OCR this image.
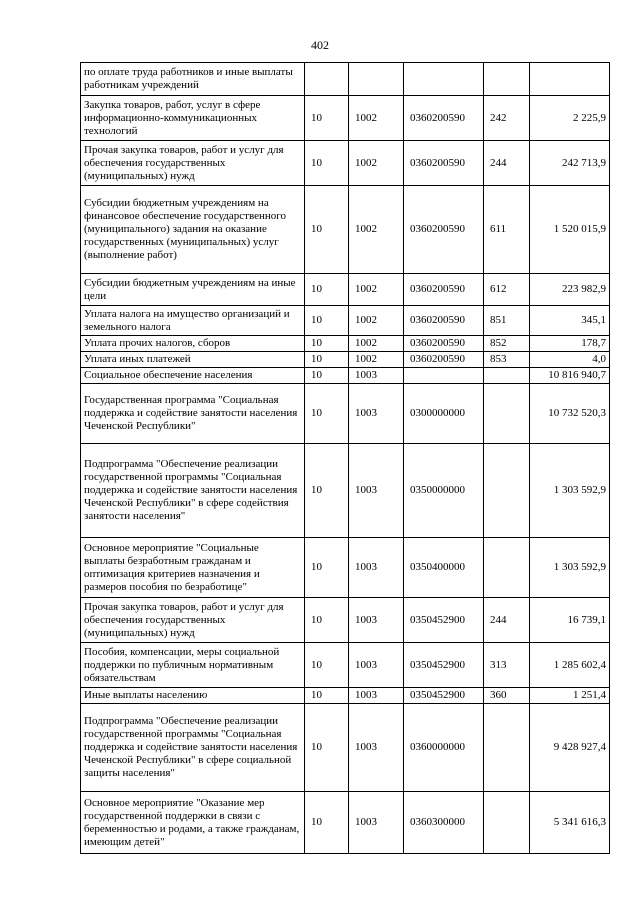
402
по оплате труда работников и иные выплаты работникам учреждений					
Закупка товаров, работ, услуг в сфере информационно-коммуникационных технологий	10	1002	0360200590	242	2 225,9
Прочая закупка товаров, работ и услуг для обеспечения государственных (муниципальных) нужд	10	1002	0360200590	244	242 713,9
Субсидии бюджетным учреждениям на финансовое обеспечение государственного (муниципального) задания на оказание государственных (муниципальных) услуг (выполнение работ)	10	1002	0360200590	611	1 520 015,9
Субсидии бюджетным учреждениям на иные цели	10	1002	0360200590	612	223 982,9
Уплата налога на имущество организаций и земельного налога	10	1002	0360200590	851	345,1
Уплата прочих налогов, сборов	10	1002	0360200590	852	178,7
Уплата иных платежей	10	1002	0360200590	853	4,0
Социальное обеспечение населения	10	1003			10 816 940,7
Государственная программа "Социальная поддержка и содействие занятости населения Чеченской Республики"	10	1003	0300000000		10 732 520,3
Подпрограмма "Обеспечение реализации государственной программы "Социальная поддержка и содействие занятости населения Чеченской Республики" в сфере содействия занятости населения"	10	1003	0350000000		1 303 592,9
Основное мероприятие "Социальные выплаты безработным гражданам и оптимизация критериев назначения и размеров пособия по безработице"	10	1003	0350400000		1 303 592,9
Прочая закупка товаров, работ и услуг для обеспечения государственных (муниципальных) нужд	10	1003	0350452900	244	16 739,1
Пособия, компенсации, меры социальной поддержки по публичным нормативным обязательствам	10	1003	0350452900	313	1 285 602,4
Иные выплаты населению	10	1003	0350452900	360	1 251,4
Подпрограмма "Обеспечение реализации государственной программы "Социальная поддержка и содействие занятости населения Чеченской Республики" в сфере социальной защиты населения"	10	1003	0360000000		9 428 927,4
Основное мероприятие "Оказание мер государственной поддержки в связи с беременностью и родами, а также гражданам, имеющим детей"	10	1003	0360300000		5 341 616,3
